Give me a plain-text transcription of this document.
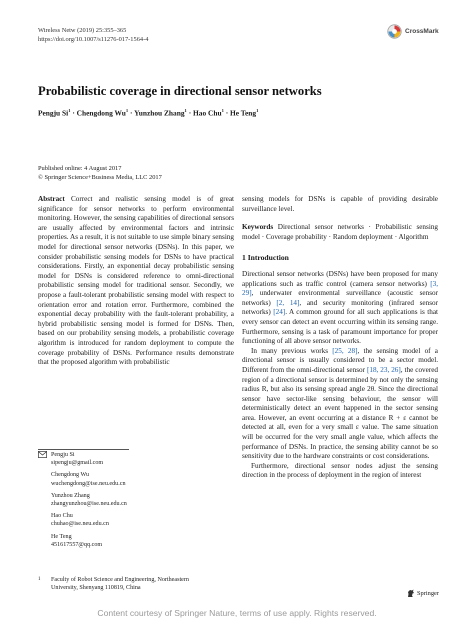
Wireless Netw (2019) 25:355–365
https://doi.org/10.1007/s11276-017-1564-4
CrossMark
Probabilistic coverage in directional sensor networks
Pengju $Si^1$ · Chengdong $Wu^1$ · Yunzhou Zhang$^1$ · Hao Chu$^1$ · He Teng$^1$
Published online: 4 August 2017
© Springer Science+Business Media, LLC 2017

Abstract Correct and realistic sensing model is of great significance for sensor networks to perform environmental monitoring. However, the sensing capabilities of directional sensors are usually affected by environmental factors and intrinsic properties. As a result, it is not suitable to use simple binary sensing model for directional sensor networks (DSNs). In this paper, we consider probabilistic sensing models for DSNs to have practical considerations. Firstly, an exponential decay probabilistic sensing model for DSNs is considered reference to omni-directional probabilistic sensing model for traditional sensor. Secondly, we propose a fault-tolerant probabilistic sensing model with respect to orientation error and rotation error. Furthermore, combined the exponential decay probability with the fault-tolerant probability, a hybrid probabilistic sensing model is formed for DSNs. Then, based on our probability sensing models, a probabilistic coverage algorithm is introduced for random deployment to compute the coverage probability of DSNs. Performance results demonstrate that the proposed algorithm with probabilistic

sensing models for DSNs is capable of providing desirable surveillance level.

Keywords Directional sensor networks · Probabilistic sensing model · Coverage probability · Random deployment · Algorithm

1 Introduction

Directional sensor networks (DSNs) have been proposed for many applications such as traffic control (camera sensor networks) [3, 29], underwater environmental surveillance (acoustic sensor networks) [2, 14], and security monitoring (infrared sensor networks) [24]. A common ground for all such applications is that every sensor can detect an event occurring within its sensing range. Furthermore, sensing is a task of paramount importance for proper functioning of all above sensor networks.

In many previous works [25, 28], the sensing model of a directional sensor is usually considered to be a sector model. Different from the omni-directional sensor [18, 23, 26], the covered region of a directional sensor is determined by not only the sensing radius R, but also its sensing spread angle 2θ. Since the directional sensor have sector-like sensing behaviour, the sensor will deterministically detect an event happened in the sector sensing area. However, an event occurring at a distance R + ε cannot be detected at all, even for a very small ε value. The same situation will be occurred for the very small angle value, which affects the performance of DSNs. In practice, the sensing ability cannot be so sensitivity due to the hardware constraints or cost considerations.

Furthermore, directional sensor nodes adjust the sensing direction in the process of deployment in the region of interest

Pengju Si
sipengju@gmail.com
Chengdong Wu
wuchengdong@ise.neu.edu.cn
Yunzhou Zhang
zhangyunzhou@ise.neu.edu.cn
Hao Chu
chuhao@ise.neu.edu.cn
He Teng
451617557@qq.com
1	Faculty of Robot Science and Engineering, Northeastern
University, Shenyang 110819, China
Springer
Content courtesy of Springer Nature, terms of use apply. Rights reserved.
